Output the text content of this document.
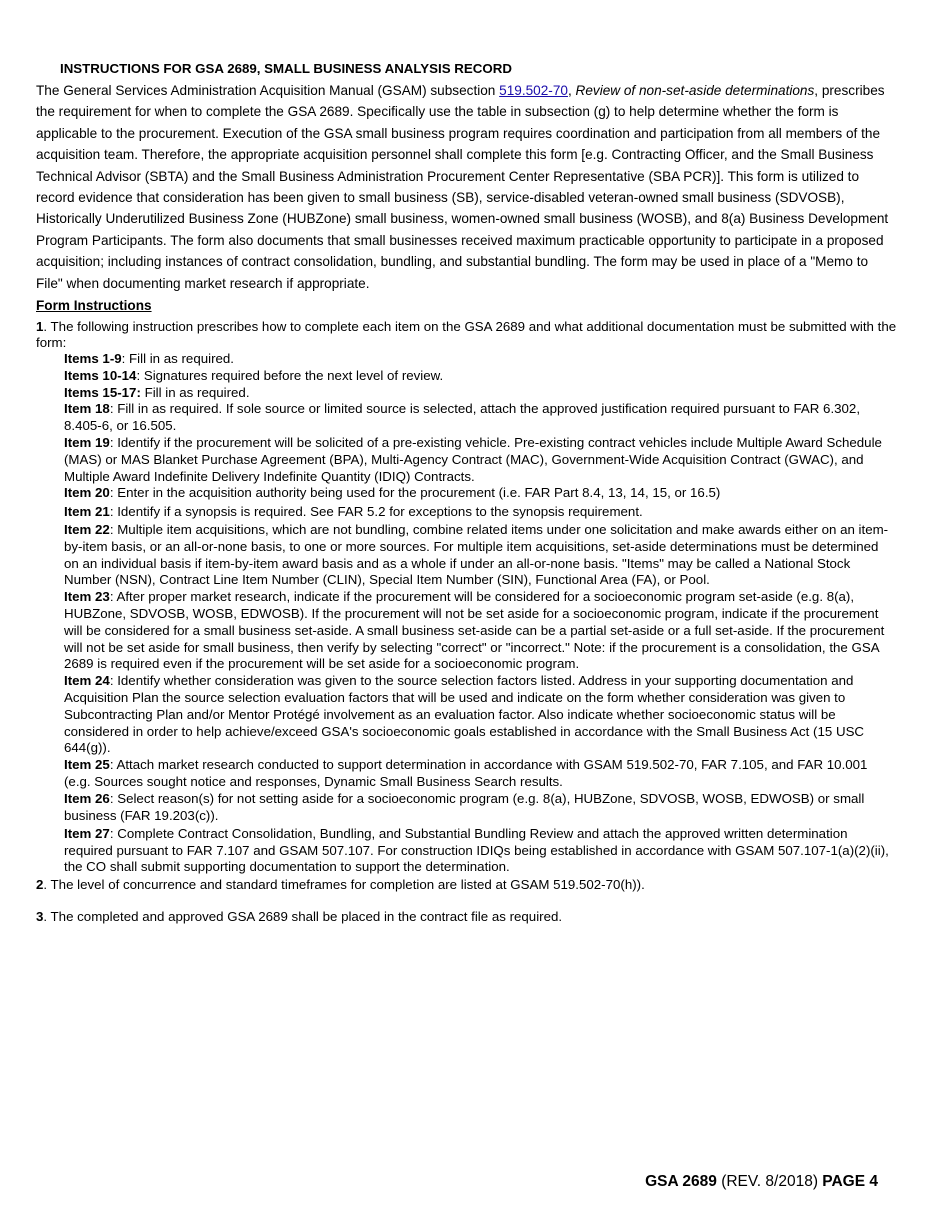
INSTRUCTIONS FOR GSA 2689, SMALL BUSINESS ANALYSIS RECORD
The General Services Administration Acquisition Manual (GSAM) subsection 519.502-70, Review of non-set-aside determinations, prescribes the requirement for when to complete the GSA 2689. Specifically use the table in subsection (g) to help determine whether the form is applicable to the procurement. Execution of the GSA small business program requires coordination and participation from all members of the acquisition team. Therefore, the appropriate acquisition personnel shall complete this form [e.g. Contracting Officer, and the Small Business Technical Advisor (SBTA) and the Small Business Administration Procurement Center Representative (SBA PCR)]. This form is utilized to record evidence that consideration has been given to small business (SB), service-disabled veteran-owned small business (SDVOSB), Historically Underutilized Business Zone (HUBZone) small business, women-owned small business (WOSB), and 8(a) Business Development Program Participants. The form also documents that small businesses received maximum practicable opportunity to participate in a proposed acquisition; including instances of contract consolidation, bundling, and substantial bundling. The form may be used in place of a "Memo to File" when documenting market research if appropriate.
Form Instructions
1. The following instruction prescribes how to complete each item on the GSA 2689 and what additional documentation must be submitted with the form:

Items 1-9: Fill in as required.

Items 10-14: Signatures required before the next level of review.

Items 15-17: Fill in as required.

Item 18: Fill in as required. If sole source or limited source is selected, attach the approved justification required pursuant to FAR 6.302, 8.405-6, or 16.505.

Item 19: Identify if the procurement will be solicited of a pre-existing vehicle. Pre-existing contract vehicles include Multiple Award Schedule (MAS) or MAS Blanket Purchase Agreement (BPA), Multi-Agency Contract (MAC), Government-Wide Acquisition Contract (GWAC), and Multiple Award Indefinite Delivery Indefinite Quantity (IDIQ) Contracts.

Item 20: Enter in the acquisition authority being used for the procurement (i.e. FAR Part 8.4, 13, 14, 15, or 16.5)

Item 21: Identify if a synopsis is required. See FAR 5.2 for exceptions to the synopsis requirement.

Item 22: Multiple item acquisitions, which are not bundling, combine related items under one solicitation and make awards either on an item-by-item basis, or an all-or-none basis, to one or more sources. For multiple item acquisitions, set-aside determinations must be determined on an individual basis if item-by-item award basis and as a whole if under an all-or-none basis. "Items" may be called a National Stock Number (NSN), Contract Line Item Number (CLIN), Special Item Number (SIN), Functional Area (FA), or Pool.

Item 23: After proper market research, indicate if the procurement will be considered for a socioeconomic program set-aside (e.g. 8(a), HUBZone, SDVOSB, WOSB, EDWOSB). If the procurement will not be set aside for a socioeconomic program, indicate if the procurement will be considered for a small business set-aside. A small business set-aside can be a partial set-aside or a full set-aside. If the procurement will not be set aside for small business, then verify by selecting "correct" or "incorrect." Note: if the procurement is a consolidation, the GSA 2689 is required even if the procurement will be set aside for a socioeconomic program.

Item 24: Identify whether consideration was given to the source selection factors listed. Address in your supporting documentation and Acquisition Plan the source selection evaluation factors that will be used and indicate on the form whether consideration was given to Subcontracting Plan and/or Mentor Protégé involvement as an evaluation factor. Also indicate whether socioeconomic status will be considered in order to help achieve/exceed GSA's socioeconomic goals established in accordance with the Small Business Act (15 USC 644(g)).

Item 25: Attach market research conducted to support determination in accordance with GSAM 519.502-70, FAR 7.105, and FAR 10.001 (e.g. Sources sought notice and responses, Dynamic Small Business Search results.

Item 26: Select reason(s) for not setting aside for a socioeconomic program (e.g. 8(a), HUBZone, SDVOSB, WOSB, EDWOSB) or small business (FAR 19.203(c)).

Item 27: Complete Contract Consolidation, Bundling, and Substantial Bundling Review and attach the approved written determination required pursuant to FAR 7.107 and GSAM 507.107. For construction IDIQs being established in accordance with GSAM 507.107-1(a)(2)(ii), the CO shall submit supporting documentation to support the determination.

2. The level of concurrence and standard timeframes for completion are listed at GSAM 519.502-70(h)).
3. The completed and approved GSA 2689 shall be placed in the contract file as required.
GSA 2689 (REV. 8/2018) PAGE 4
